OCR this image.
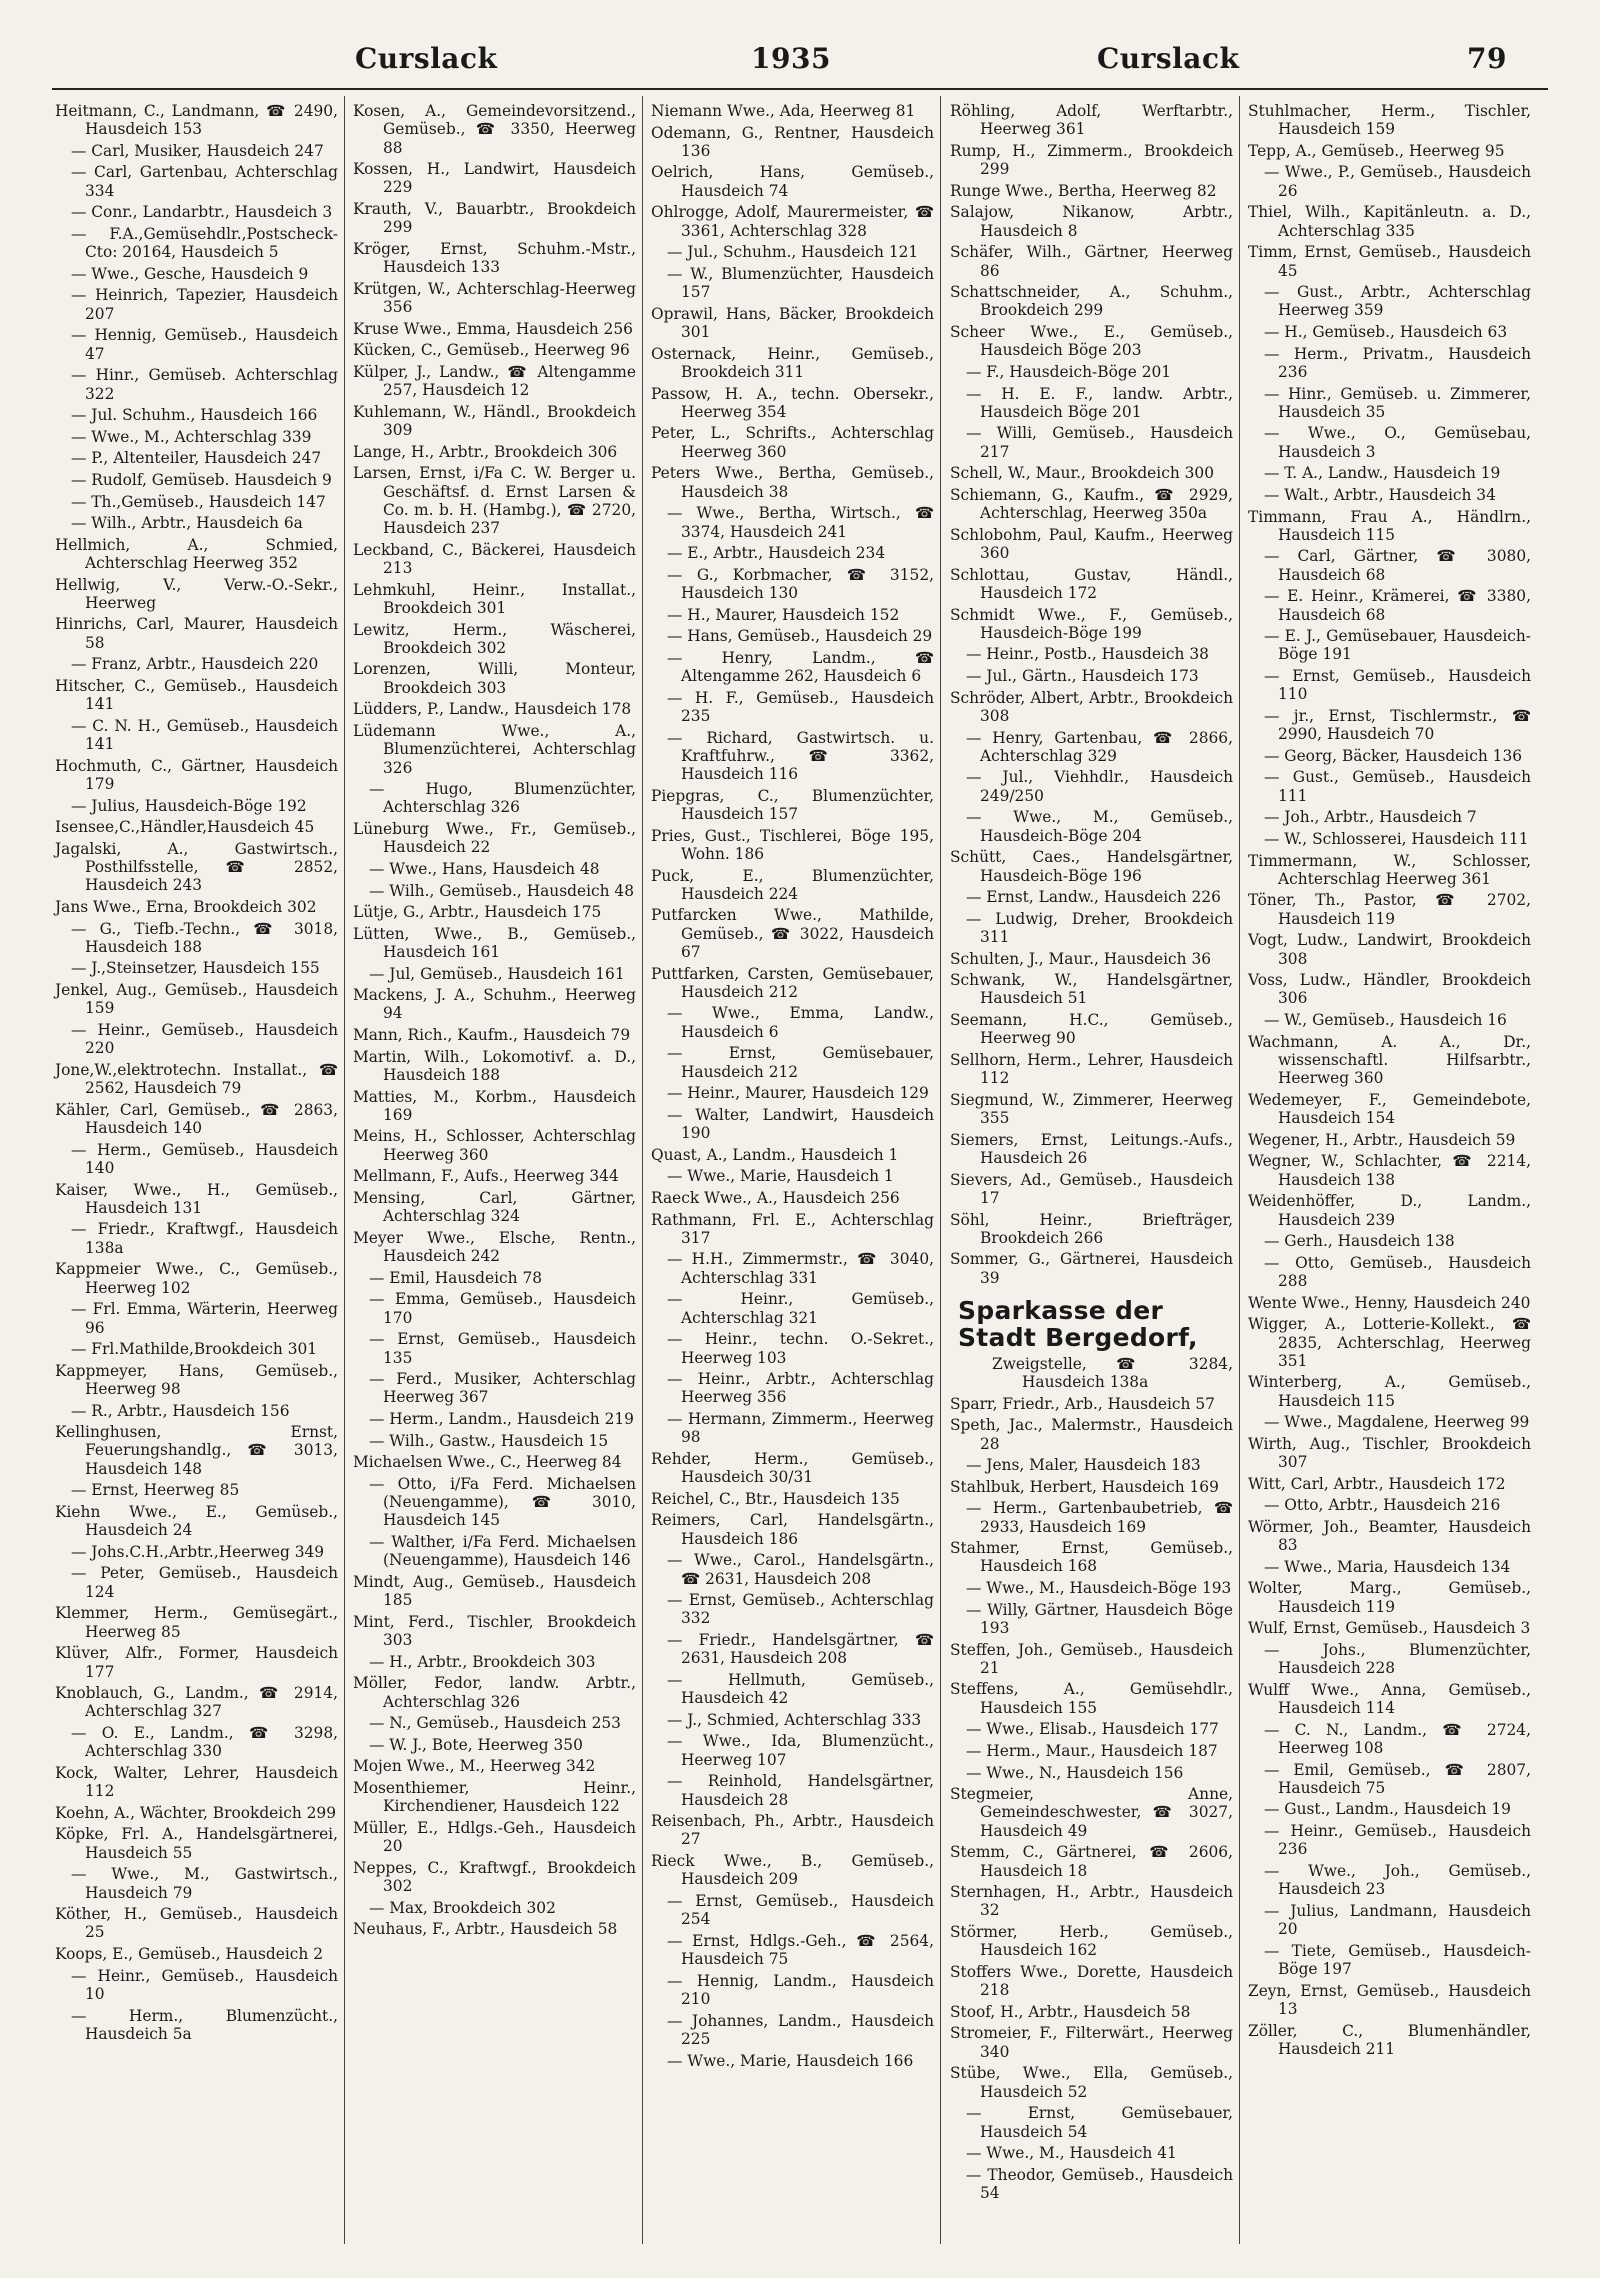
Curslack	1935	Curslack	79
Heitmann, C., Landmann, ☎ 2490, Hausdeich 153
— Carl, Musiker, Hausdeich 247
— Carl, Gartenbau, Achterschlag 334
— Conr., Landarbtr., Hausdeich 3
— F.A.,Gemüsehdlr.,Postscheck-Cto: 20164, Hausdeich 5
— Wwe., Gesche, Hausdeich 9
— Heinrich, Tapezier, Hausdeich 207
— Hennig, Gemüseb., Hausdeich 47
— Hinr., Gemüseb. Achterschlag 322
— Jul. Schuhm., Hausdeich 166
— Wwe., M., Achterschlag 339
— P., Altenteiler, Hausdeich 247
— Rudolf, Gemüseb. Hausdeich 9
— Th.,Gemüseb., Hausdeich 147
— Wilh., Arbtr., Hausdeich 6a
Hellmich, A., Schmied, Achterschlag Heerweg 352
Hellwig, V., Verw.-O.-Sekr., Heerweg
Hinrichs, Carl, Maurer, Hausdeich 58
— Franz, Arbtr., Hausdeich 220
Hitscher, C., Gemüseb., Hausdeich 141
— C. N. H., Gemüseb., Hausdeich 141
Hochmuth, C., Gärtner, Hausdeich 179
— Julius, Hausdeich-Böge 192
Isensee,C.,Händler,Hausdeich 45
Jagalski, A., Gastwirtsch., Posthilfsstelle, ☎ 2852, Hausdeich 243
Jans Wwe., Erna, Brookdeich 302
— G., Tiefb.-Techn., ☎ 3018, Hausdeich 188
— J.,Steinsetzer, Hausdeich 155
Jenkel, Aug., Gemüseb., Hausdeich 159
— Heinr., Gemüseb., Hausdeich 220
Jone,W.,elektrotechn. Installat., ☎ 2562, Hausdeich 79
Kähler, Carl, Gemüseb., ☎ 2863, Hausdeich 140
— Herm., Gemüseb., Hausdeich 140
Kaiser, Wwe., H., Gemüseb., Hausdeich 131
— Friedr., Kraftwgf., Hausdeich 138a
Kappmeier Wwe., C., Gemüseb., Heerweg 102
— Frl. Emma, Wärterin, Heerweg 96
— Frl.Mathilde,Brookdeich 301
Kappmeyer, Hans, Gemüseb., Heerweg 98
— R., Arbtr., Hausdeich 156
Kellinghusen, Ernst, Feuerungshandlg., ☎ 3013, Hausdeich 148
— Ernst, Heerweg 85
Kiehn Wwe., E., Gemüseb., Hausdeich 24
— Johs.C.H.,Arbtr.,Heerweg 349
— Peter, Gemüseb., Hausdeich 124
Klemmer, Herm., Gemüsegärt., Heerweg 85
Klüver, Alfr., Former, Hausdeich 177
Knoblauch, G., Landm., ☎ 2914, Achterschlag 327
— O. E., Landm., ☎ 3298, Achterschlag 330
Kock, Walter, Lehrer, Hausdeich 112
Koehn, A., Wächter, Brookdeich 299
Köpke, Frl. A., Handelsgärtnerei, Hausdeich 55
— Wwe., M., Gastwirtsch., Hausdeich 79
Köther, H., Gemüseb., Hausdeich 25
Koops, E., Gemüseb., Hausdeich 2
— Heinr., Gemüseb., Hausdeich 10
— Herm., Blumenzücht., Hausdeich 5a
Kosen, A., Gemeindevorsitzend., Gemüseb., ☎ 3350, Heerweg 88
Kossen, H., Landwirt, Hausdeich 229
Krauth, V., Bauarbtr., Brookdeich 299
Kröger, Ernst, Schuhm.-Mstr., Hausdeich 133
Krütgen, W., Achterschlag-Heerweg 356
Kruse Wwe., Emma, Hausdeich 256
Kücken, C., Gemüseb., Heerweg 96
Külper, J., Landw., ☎ Altengamme 257, Hausdeich 12
Kuhlemann, W., Händl., Brookdeich 309
Lange, H., Arbtr., Brookdeich 306
Larsen, Ernst, i/Fa C. W. Berger u. Geschäftsf. d. Ernst Larsen & Co. m. b. H. (Hambg.), ☎ 2720, Hausdeich 237
Leckband, C., Bäckerei, Hausdeich 213
Lehmkuhl, Heinr., Installat., Brookdeich 301
Lewitz, Herm., Wäscherei, Brookdeich 302
Lorenzen, Willi, Monteur, Brookdeich 303
Lüdders, P., Landw., Hausdeich 178
Lüdemann Wwe., A., Blumenzüchterei, Achterschlag 326
— Hugo, Blumenzüchter, Achterschlag 326
Lüneburg Wwe., Fr., Gemüseb., Hausdeich 22
— Wwe., Hans, Hausdeich 48
— Wilh., Gemüseb., Hausdeich 48
Lütje, G., Arbtr., Hausdeich 175
Lütten, Wwe., B., Gemüseb., Hausdeich 161
— Jul, Gemüseb., Hausdeich 161
Mackens, J. A., Schuhm., Heerweg 94
Mann, Rich., Kaufm., Hausdeich 79
Martin, Wilh., Lokomotivf. a. D., Hausdeich 188
Matties, M., Korbm., Hausdeich 169
Meins, H., Schlosser, Achterschlag Heerweg 360
Mellmann, F., Aufs., Heerweg 344
Mensing, Carl, Gärtner, Achterschlag 324
Meyer Wwe., Elsche, Rentn., Hausdeich 242
— Emil, Hausdeich 78
— Emma, Gemüseb., Hausdeich 170
— Ernst, Gemüseb., Hausdeich 135
— Ferd., Musiker, Achterschlag Heerweg 367
— Herm., Landm., Hausdeich 219
— Wilh., Gastw., Hausdeich 15
Michaelsen Wwe., C., Heerweg 84
— Otto, i/Fa Ferd. Michaelsen (Neuengamme), ☎ 3010, Hausdeich 145
— Walther, i/Fa Ferd. Michaelsen (Neuengamme), Hausdeich 146
Mindt, Aug., Gemüseb., Hausdeich 185
Mint, Ferd., Tischler, Brookdeich 303
— H., Arbtr., Brookdeich 303
Möller, Fedor, landw. Arbtr., Achterschlag 326
— N., Gemüseb., Hausdeich 253
— W. J., Bote, Heerweg 350
Mojen Wwe., M., Heerweg 342
Mosenthiemer, Heinr., Kirchendiener, Hausdeich 122
Müller, E., Hdlgs.-Geh., Hausdeich 20
Neppes, C., Kraftwgf., Brookdeich 302
— Max, Brookdeich 302
Neuhaus, F., Arbtr., Hausdeich 58
Niemann Wwe., Ada, Heerweg 81
Odemann, G., Rentner, Hausdeich 136
Oelrich, Hans, Gemüseb., Hausdeich 74
Ohlrogge, Adolf, Maurermeister, ☎ 3361, Achterschlag 328
— Jul., Schuhm., Hausdeich 121
— W., Blumenzüchter, Hausdeich 157
Oprawil, Hans, Bäcker, Brookdeich 301
Osternack, Heinr., Gemüseb., Brookdeich 311
Passow, H. A., techn. Obersekr., Heerweg 354
Peter, L., Schrifts., Achterschlag Heerweg 360
Peters Wwe., Bertha, Gemüseb., Hausdeich 38
— Wwe., Bertha, Wirtsch., ☎ 3374, Hausdeich 241
— E., Arbtr., Hausdeich 234
— G., Korbmacher, ☎ 3152, Hausdeich 130
— H., Maurer, Hausdeich 152
— Hans, Gemüseb., Hausdeich 29
— Henry, Landm., ☎ Altengamme 262, Hausdeich 6
— H. F., Gemüseb., Hausdeich 235
— Richard, Gastwirtsch. u. Kraftfuhrw., ☎ 3362, Hausdeich 116
Piepgras, C., Blumenzüchter, Hausdeich 157
Pries, Gust., Tischlerei, Böge 195, Wohn. 186
Puck, E., Blumenzüchter, Hausdeich 224
Putfarcken Wwe., Mathilde, Gemüseb., ☎ 3022, Hausdeich 67
Puttfarken, Carsten, Gemüsebauer, Hausdeich 212
— Wwe., Emma, Landw., Hausdeich 6
— Ernst, Gemüsebauer, Hausdeich 212
— Heinr., Maurer, Hausdeich 129
— Walter, Landwirt, Hausdeich 190
Quast, A., Landm., Hausdeich 1
— Wwe., Marie, Hausdeich 1
Raeck Wwe., A., Hausdeich 256
Rathmann, Frl. E., Achterschlag 317
— H.H., Zimmermstr., ☎ 3040, Achterschlag 331
— Heinr., Gemüseb., Achterschlag 321
— Heinr., techn. O.-Sekret., Heerweg 103
— Heinr., Arbtr., Achterschlag Heerweg 356
— Hermann, Zimmerm., Heerweg 98
Rehder, Herm., Gemüseb., Hausdeich 30/31
Reichel, C., Btr., Hausdeich 135
Reimers, Carl, Handelsgärtn., Hausdeich 186
— Wwe., Carol., Handelsgärtn., ☎ 2631, Hausdeich 208
— Ernst, Gemüseb., Achterschlag 332
— Friedr., Handelsgärtner, ☎ 2631, Hausdeich 208
— Hellmuth, Gemüseb., Hausdeich 42
— J., Schmied, Achterschlag 333
— Wwe., Ida, Blumenzücht., Heerweg 107
— Reinhold, Handelsgärtner, Hausdeich 28
Reisenbach, Ph., Arbtr., Hausdeich 27
Rieck Wwe., B., Gemüseb., Hausdeich 209
— Ernst, Gemüseb., Hausdeich 254
— Ernst, Hdlgs.-Geh., ☎ 2564, Hausdeich 75
— Hennig, Landm., Hausdeich 210
— Johannes, Landm., Hausdeich 225
— Wwe., Marie, Hausdeich 166
Röhling, Adolf, Werftarbtr., Heerweg 361
Rump, H., Zimmerm., Brookdeich 299
Runge Wwe., Bertha, Heerweg 82
Salajow, Nikanow, Arbtr., Hausdeich 8
Schäfer, Wilh., Gärtner, Heerweg 86
Schattschneider, A., Schuhm., Brookdeich 299
Scheer Wwe., E., Gemüseb., Hausdeich Böge 203
— F., Hausdeich-Böge 201
— H. E. F., landw. Arbtr., Hausdeich Böge 201
— Willi, Gemüseb., Hausdeich 217
Schell, W., Maur., Brookdeich 300
Schiemann, G., Kaufm., ☎ 2929, Achterschlag, Heerweg 350a
Schlobohm, Paul, Kaufm., Heerweg 360
Schlottau, Gustav, Händl., Hausdeich 172
Schmidt Wwe., F., Gemüseb., Hausdeich-Böge 199
— Heinr., Postb., Hausdeich 38
— Jul., Gärtn., Hausdeich 173
Schröder, Albert, Arbtr., Brookdeich 308
— Henry, Gartenbau, ☎ 2866, Achterschlag 329
— Jul., Viehhdlr., Hausdeich 249/250
— Wwe., M., Gemüseb., Hausdeich-Böge 204
Schütt, Caes., Handelsgärtner, Hausdeich-Böge 196
— Ernst, Landw., Hausdeich 226
— Ludwig, Dreher, Brookdeich 311
Schulten, J., Maur., Hausdeich 36
Schwank, W., Handelsgärtner, Hausdeich 51
Seemann, H.C., Gemüseb., Heerweg 90
Sellhorn, Herm., Lehrer, Hausdeich 112
Siegmund, W., Zimmerer, Heerweg 355
Siemers, Ernst, Leitungs.-Aufs., Hausdeich 26
Sievers, Ad., Gemüseb., Hausdeich 17
Söhl, Heinr., Briefträger, Brookdeich 266
Sommer, G., Gärtnerei, Hausdeich 39
Sparkasse der Stadt Bergedorf,
Zweigstelle, ☎ 3284, Hausdeich 138a
Sparr, Friedr., Arb., Hausdeich 57
Speth, Jac., Malermstr., Hausdeich 28
— Jens, Maler, Hausdeich 183
Stahlbuk, Herbert, Hausdeich 169
— Herm., Gartenbaubetrieb, ☎ 2933, Hausdeich 169
Stahmer, Ernst, Gemüseb., Hausdeich 168
— Wwe., M., Hausdeich-Böge 193
— Willy, Gärtner, Hausdeich Böge 193
Steffen, Joh., Gemüseb., Hausdeich 21
Steffens, A., Gemüsehdlr., Hausdeich 155
— Wwe., Elisab., Hausdeich 177
— Herm., Maur., Hausdeich 187
— Wwe., N., Hausdeich 156
Stegmeier, Anne, Gemeindeschwester, ☎ 3027, Hausdeich 49
Stemm, C., Gärtnerei, ☎ 2606, Hausdeich 18
Sternhagen, H., Arbtr., Hausdeich 32
Störmer, Herb., Gemüseb., Hausdeich 162
Stoffers Wwe., Dorette, Hausdeich 218
Stoof, H., Arbtr., Hausdeich 58
Stromeier, F., Filterwärt., Heerweg 340
Stübe, Wwe., Ella, Gemüseb., Hausdeich 52
— Ernst, Gemüsebauer, Hausdeich 54
— Wwe., M., Hausdeich 41
— Theodor, Gemüseb., Hausdeich 54
Stuhlmacher, Herm., Tischler, Hausdeich 159
Tepp, A., Gemüseb., Heerweg 95
— Wwe., P., Gemüseb., Hausdeich 26
Thiel, Wilh., Kapitänleutn. a. D., Achterschlag 335
Timm, Ernst, Gemüseb., Hausdeich 45
— Gust., Arbtr., Achterschlag Heerweg 359
— H., Gemüseb., Hausdeich 63
— Herm., Privatm., Hausdeich 236
— Hinr., Gemüseb. u. Zimmerer, Hausdeich 35
— Wwe., O., Gemüsebau, Hausdeich 3
— T. A., Landw., Hausdeich 19
— Walt., Arbtr., Hausdeich 34
Timmann, Frau A., Händlrn., Hausdeich 115
— Carl, Gärtner, ☎ 3080, Hausdeich 68
— E. Heinr., Krämerei, ☎ 3380, Hausdeich 68
— E. J., Gemüsebauer, Hausdeich-Böge 191
— Ernst, Gemüseb., Hausdeich 110
— jr., Ernst, Tischlermstr., ☎ 2990, Hausdeich 70
— Georg, Bäcker, Hausdeich 136
— Gust., Gemüseb., Hausdeich 111
— Joh., Arbtr., Hausdeich 7
— W., Schlosserei, Hausdeich 111
Timmermann, W., Schlosser, Achterschlag Heerweg 361
Töner, Th., Pastor, ☎ 2702, Hausdeich 119
Vogt, Ludw., Landwirt, Brookdeich 308
Voss, Ludw., Händler, Brookdeich 306
— W., Gemüseb., Hausdeich 16
Wachmann, A. A., Dr., wissenschaftl. Hilfsarbtr., Heerweg 360
Wedemeyer, F., Gemeindebote, Hausdeich 154
Wegener, H., Arbtr., Hausdeich 59
Wegner, W., Schlachter, ☎ 2214, Hausdeich 138
Weidenhöffer, D., Landm., Hausdeich 239
— Gerh., Hausdeich 138
— Otto, Gemüseb., Hausdeich 288
Wente Wwe., Henny, Hausdeich 240
Wigger, A., Lotterie-Kollekt., ☎ 2835, Achterschlag, Heerweg 351
Winterberg, A., Gemüseb., Hausdeich 115
— Wwe., Magdalene, Heerweg 99
Wirth, Aug., Tischler, Brookdeich 307
Witt, Carl, Arbtr., Hausdeich 172
— Otto, Arbtr., Hausdeich 216
Wörmer, Joh., Beamter, Hausdeich 83
— Wwe., Maria, Hausdeich 134
Wolter, Marg., Gemüseb., Hausdeich 119
Wulf, Ernst, Gemüseb., Hausdeich 3
— Johs., Blumenzüchter, Hausdeich 228
Wulff Wwe., Anna, Gemüseb., Hausdeich 114
— C. N., Landm., ☎ 2724, Heerweg 108
— Emil, Gemüseb., ☎ 2807, Hausdeich 75
— Gust., Landm., Hausdeich 19
— Heinr., Gemüseb., Hausdeich 236
— Wwe., Joh., Gemüseb., Hausdeich 23
— Julius, Landmann, Hausdeich 20
— Tiete, Gemüseb., Hausdeich-Böge 197
Zeyn, Ernst, Gemüseb., Hausdeich 13
Zöller, C., Blumenhändler, Hausdeich 211
